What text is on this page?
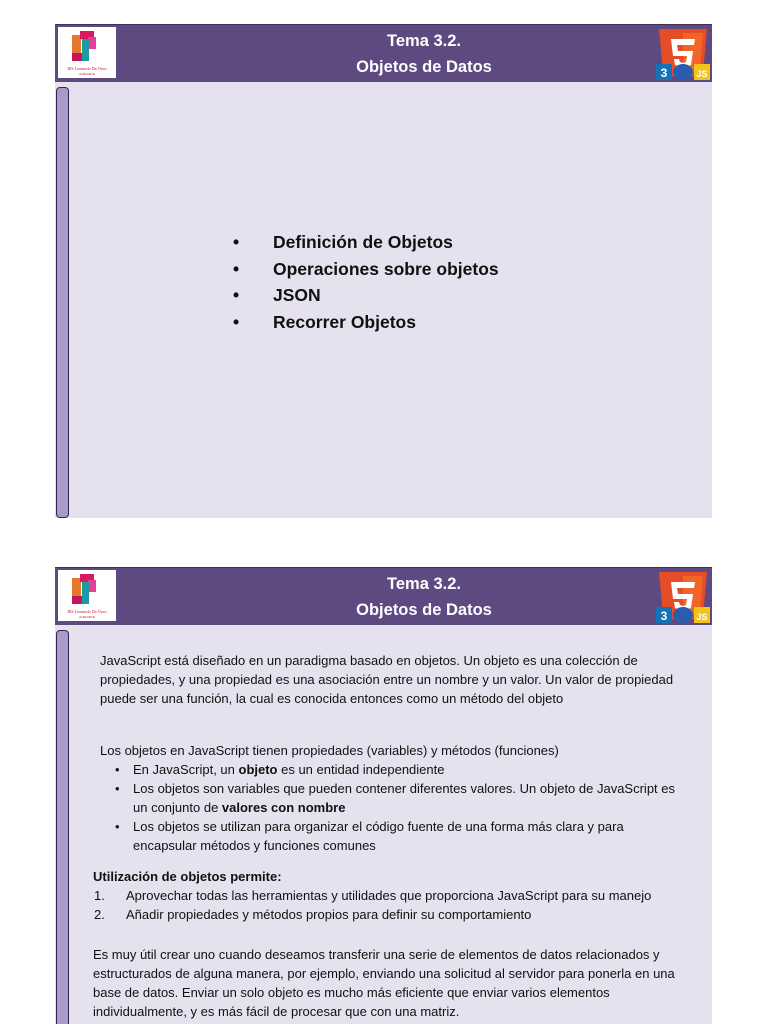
IES Leonardo Da Vinci
ALBACETE
Tema 3.2.
Objetos de Datos	3	JS
• Definición de Objetos
• Operaciones sobre objetos
• JSON
• Recorrer Objetos
IES Leonardo Da Vinci
ALBACETE
Tema 3.2.
Objetos de Datos	3	JS

JavaScript está diseñado en un paradigma basado en objetos. Un objeto es una colección de propiedades, y una propiedad es una asociación entre un nombre y un valor. Un valor de propiedad puede ser una función, la cual es conocida entonces como un método del objeto

Los objetos en JavaScript tienen propiedades (variables) y métodos (funciones)

• En JavaScript, un objeto es un entidad independiente
• Los objetos son variables que pueden contener diferentes valores. Un objeto de JavaScript es un conjunto de valores con nombre
• Los objetos se utilizan para organizar el código fuente de una forma más clara y para encapsular métodos y funciones comunes

Utilización de objetos permite:

1. Aprovechar todas las herramientas y utilidades que proporciona JavaScript para su manejo
2. Añadir propiedades y métodos propios para definir su comportamiento

Es muy útil crear uno cuando deseamos transferir una serie de elementos de datos relacionados y estructurados de alguna manera, por ejemplo, enviando una solicitud al servidor para ponerla en una base de datos. Enviar un solo objeto es mucho más eficiente que enviar varios elementos individualmente, y es más fácil de procesar que con una matriz.
